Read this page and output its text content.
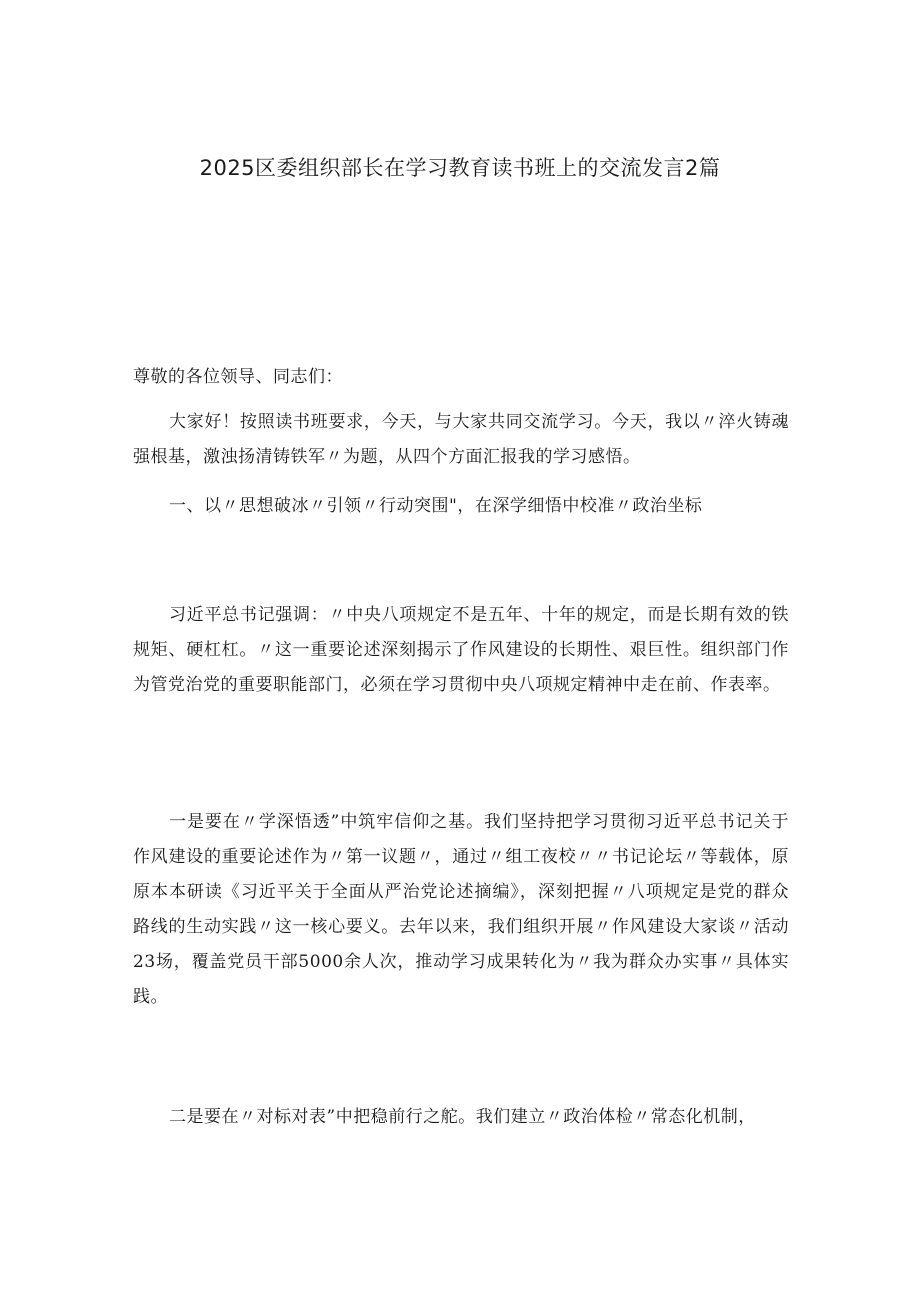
2025区委组织部长在学习教育读书班上的交流发言2篇

尊敬的各位领导、同志们：

大家好！按照读书班要求，今天，与大家共同交流学习。今天，我以〃淬火铸魂强根基，激浊扬清铸铁军〃为题，从四个方面汇报我的学习感悟。

一、以〃思想破冰〃引领〃行动突围"，在深学细悟中校准〃政治坐标

习近平总书记强调：〃中央八项规定不是五年、十年的规定，而是长期有效的铁规矩、硬杠杠。〃这一重要论述深刻揭示了作风建设的长期性、艰巨性。组织部门作为管党治党的重要职能部门，必须在学习贯彻中央八项规定精神中走在前、作表率。

一是要在〃学深悟透”中筑牢信仰之基。我们坚持把学习贯彻习近平总书记关于作风建设的重要论述作为〃第一议题〃，通过〃组工夜校〃〃书记论坛〃等载体，原原本本研读《习近平关于全面从严治党论述摘编》，深刻把握〃八项规定是党的群众路线的生动实践〃这一核心要义。去年以来，我们组织开展〃作风建设大家谈〃活动23场，覆盖党员干部5000余人次，推动学习成果转化为〃我为群众办实事〃具体实践。

二是要在〃对标对表”中把稳前行之舵。我们建立〃政治体检〃常态化机制，
